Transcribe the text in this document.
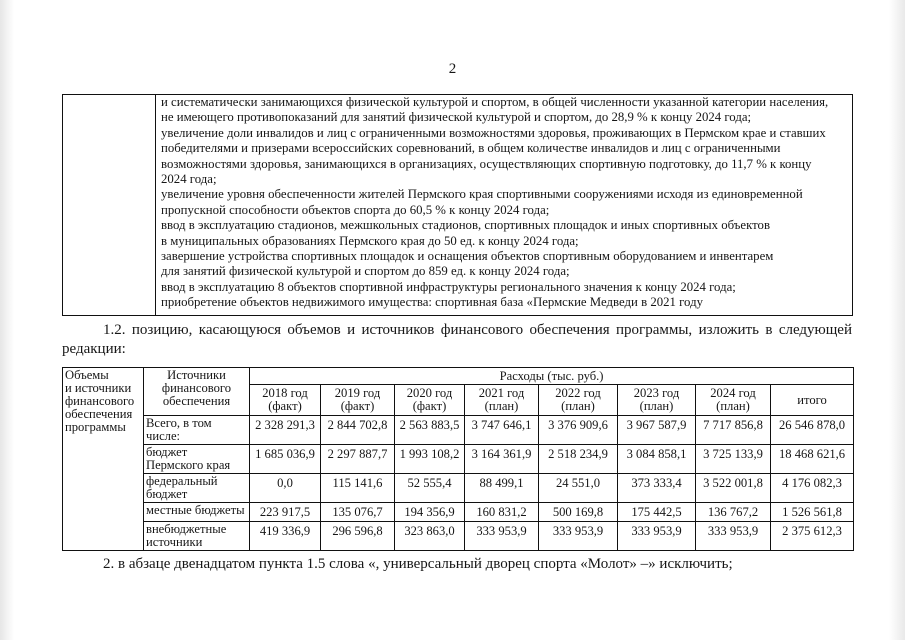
2
и систематически занимающихся физической культурой и спортом, в общей численности указанной категории населения,
не имеющего противопоказаний для занятий физической культурой и спортом, до 28,9 % к концу 2024 года;
увеличение доли инвалидов и лиц с ограниченными возможностями здоровья, проживающих в Пермском крае и ставших
победителями и призерами всероссийских соревнований, в общем количестве инвалидов и лиц с ограниченными
возможностями здоровья, занимающихся в организациях, осуществляющих спортивную подготовку, до 11,7 % к концу
2024 года;
увеличение уровня обеспеченности жителей Пермского края спортивными сооружениями исходя из единовременной
пропускной способности объектов спорта до 60,5 % к концу 2024 года;
ввод в эксплуатацию стадионов, межшкольных стадионов, спортивных площадок и иных спортивных объектов
в муниципальных образованиях Пермского края до 50 ед. к концу 2024 года;
завершение устройства спортивных площадок и оснащения объектов спортивным оборудованием и инвентарем
для занятий физической культурой и спортом до 859 ед. к концу 2024 года;
ввод в эксплуатацию 8 объектов спортивной инфраструктуры регионального значения к концу 2024 года;
приобретение объектов недвижимого имущества: спортивная база «Пермские Медведи в 2021 году

1.2. позицию, касающуюся объемов и источников финансового обеспечения программы, изложить в следующей редакции:

Объемы
и источники
финансового
обеспечения
программы	Источники
финансового
обеспечения	Расходы (тыс. руб.)							
		2018 год (факт)	2019 год (факт)	2020 год (факт)	2021 год (план)	2022 год (план)	2023 год (план)	2024 год (план)	итого
	Всего, в том
числе:	2 328 291,3	2 844 702,8	2 563 883,5	3 747 646,1	3 376 909,6	3 967 587,9	7 717 856,8	26 546 878,0
	бюджет
Пермского края	1 685 036,9	2 297 887,7	1 993 108,2	3 164 361,9	2 518 234,9	3 084 858,1	3 725 133,9	18 468 621,6
	федеральный
бюджет	0,0	115 141,6	52 555,4	88 499,1	24 551,0	373 333,4	3 522 001,8	4 176 082,3
	местные бюджеты	223 917,5	135 076,7	194 356,9	160 831,2	500 169,8	175 442,5	136 767,2	1 526 561,8
	внебюджетные
источники	419 336,9	296 596,8	323 863,0	333 953,9	333 953,9	333 953,9	333 953,9	2 375 612,3

2. в абзаце двенадцатом пункта 1.5 слова «, универсальный дворец спорта «Молот» –» исключить;
